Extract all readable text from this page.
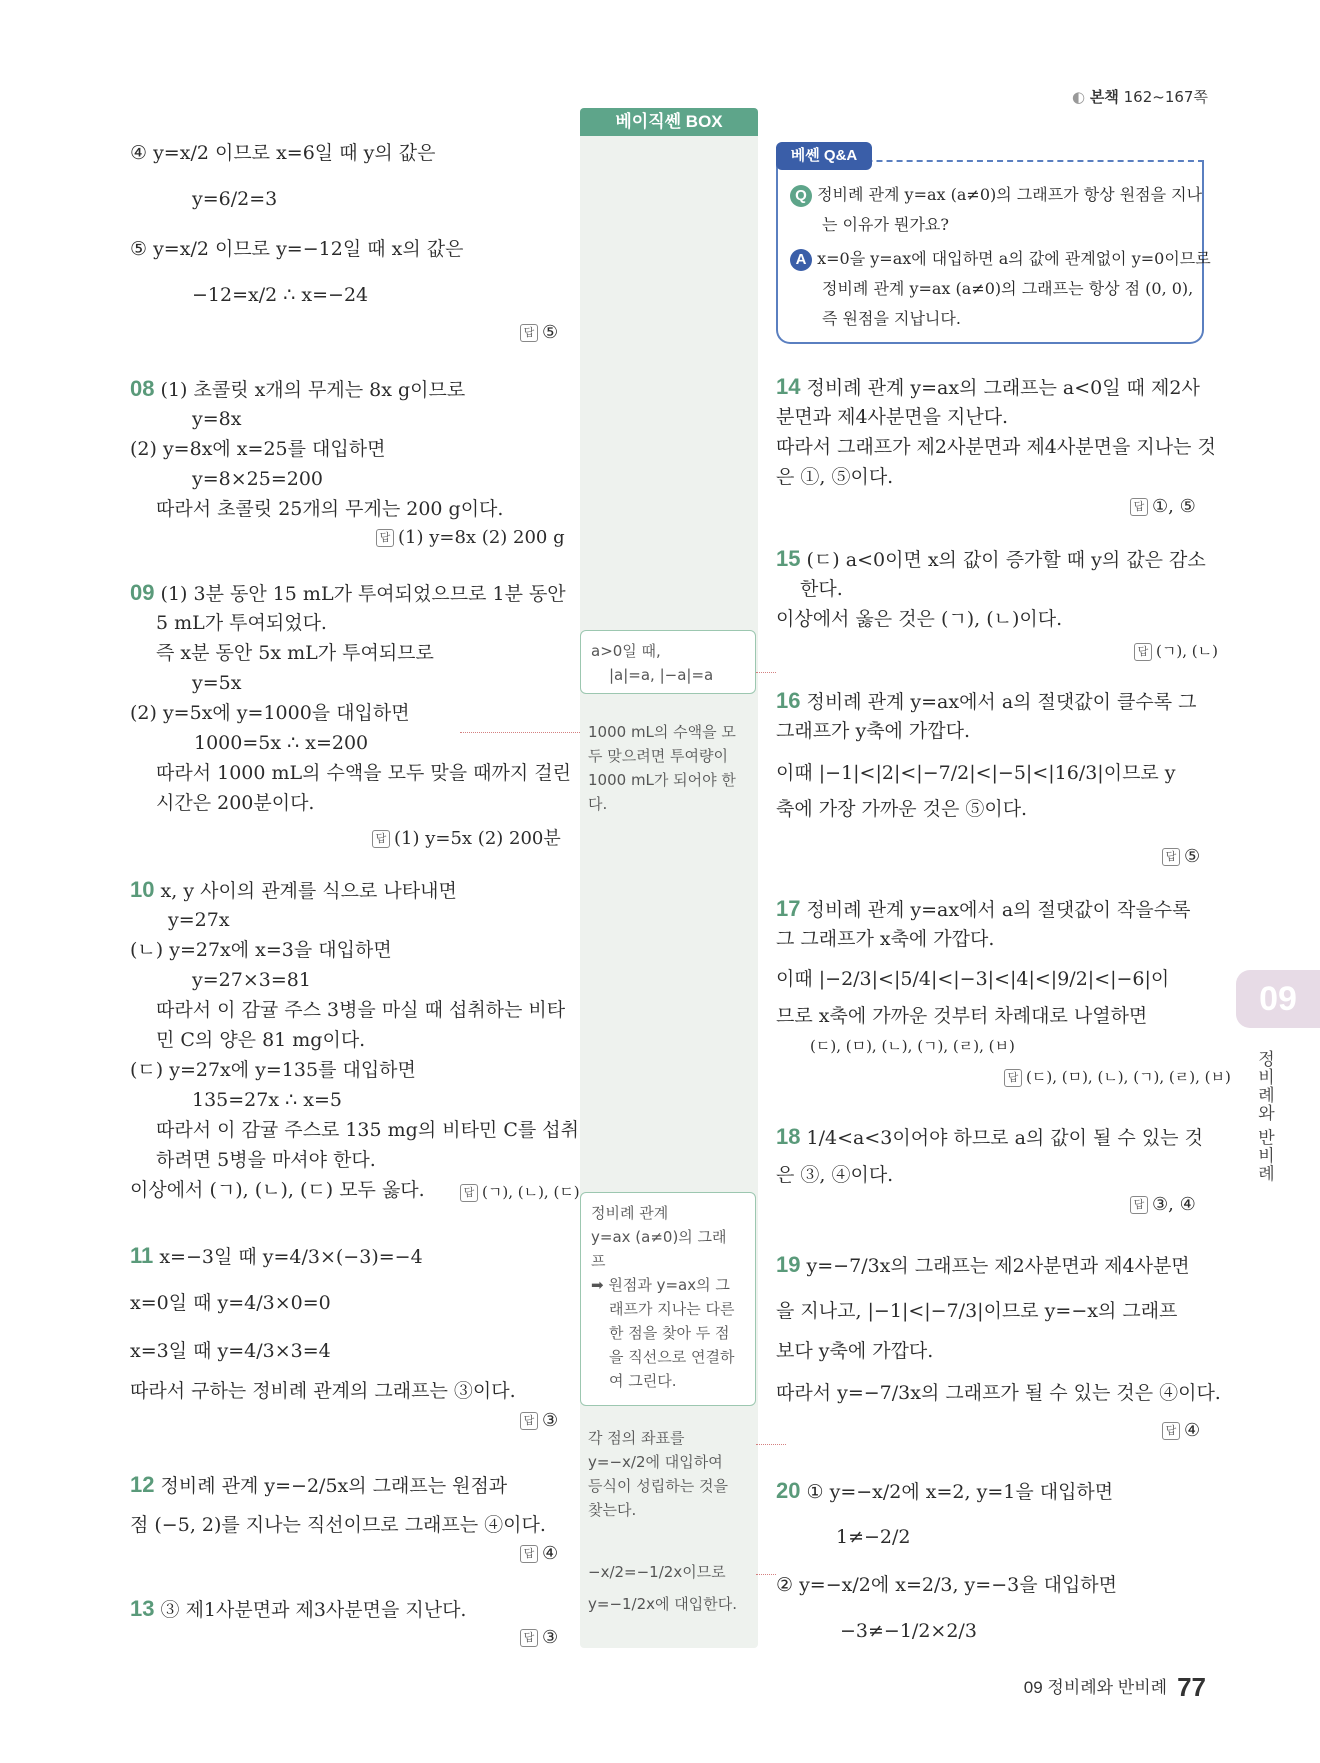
◐ 본책 162~167쪽
베이직쎈 BOX
④ y=x/2 이므로 x=6일 때 y의 값은
y=6/2=3
⑤ y=x/2 이므로 y=−12일 때 x의 값은
−12=x/2 ∴ x=−24
답 ⑤
08 (1) 초콜릿 x개의 무게는 8x g이므로
y=8x
(2) y=8x에 x=25를 대입하면
y=8×25=200
따라서 초콜릿 25개의 무게는 200 g이다.
답 (1) y=8x (2) 200 g
09 (1) 3분 동안 15 mL가 투여되었으므로 1분 동안
5 mL가 투여되었다.
즉 x분 동안 5x mL가 투여되므로
y=5x
(2) y=5x에 y=1000을 대입하면
1000=5x ∴ x=200
따라서 1000 mL의 수액을 모두 맞을 때까지 걸린
시간은 200분이다.
답 (1) y=5x (2) 200분
10 x, y 사이의 관계를 식으로 나타내면
y=27x
(ㄴ) y=27x에 x=3을 대입하면
y=27×3=81
따라서 이 감귤 주스 3병을 마실 때 섭취하는 비타
민 C의 양은 81 mg이다.
(ㄷ) y=27x에 y=135를 대입하면
135=27x ∴ x=5
따라서 이 감귤 주스로 135 mg의 비타민 C를 섭취
하려면 5병을 마셔야 한다.
이상에서 (ㄱ), (ㄴ), (ㄷ) 모두 옳다.	답 (ㄱ), (ㄴ), (ㄷ)
11 x=−3일 때 y=4/3×(−3)=−4
x=0일 때 y=4/3×0=0
x=3일 때 y=4/3×3=4
따라서 구하는 정비례 관계의 그래프는 ③이다.
답 ③
12 정비례 관계 y=−2/5x의 그래프는 원점과
점 (−5, 2)를 지나는 직선이므로 그래프는 ④이다.
답 ④
13 ③ 제1사분면과 제3사분면을 지난다.
답 ③
a>0일 때,
|a|=a, |−a|=a
1000 mL의 수액을 모
두 맞으려면 투여량이
1000 mL가 되어야 한
다.
정비례 관계
y=ax (a≠0)의 그래
프
➡ 원점과 y=ax의 그
래프가 지나는 다른
한 점을 찾아 두 점
을 직선으로 연결하
여 그린다.
각 점의 좌표를
y=−x/2에 대입하여
등식이 성립하는 것을
찾는다.
−x/2=−1/2x이므로
y=−1/2x에 대입한다.
베쎈 Q&A
Q 정비례 관계 y=ax (a≠0)의 그래프가 항상 원점을 지나
는 이유가 뭔가요?
A x=0을 y=ax에 대입하면 a의 값에 관계없이 y=0이므로
정비례 관계 y=ax (a≠0)의 그래프는 항상 점 (0, 0),
즉 원점을 지납니다.
14 정비례 관계 y=ax의 그래프는 a<0일 때 제2사
분면과 제4사분면을 지난다.
따라서 그래프가 제2사분면과 제4사분면을 지나는 것
은 ①, ⑤이다.
답 ①, ⑤
15 (ㄷ) a<0이면 x의 값이 증가할 때 y의 값은 감소
한다.
이상에서 옳은 것은 (ㄱ), (ㄴ)이다.
답 (ㄱ), (ㄴ)
16 정비례 관계 y=ax에서 a의 절댓값이 클수록 그
그래프가 y축에 가깝다.
이때 |−1|<|2|<|−7/2|<|−5|<|16/3|이므로 y
축에 가장 가까운 것은 ⑤이다.
답 ⑤
17 정비례 관계 y=ax에서 a의 절댓값이 작을수록
그 그래프가 x축에 가깝다.
이때 |−2/3|<|5/4|<|−3|<|4|<|9/2|<|−6|이
므로 x축에 가까운 것부터 차례대로 나열하면
(ㄷ), (ㅁ), (ㄴ), (ㄱ), (ㄹ), (ㅂ)
답 (ㄷ), (ㅁ), (ㄴ), (ㄱ), (ㄹ), (ㅂ)
18 1/4<a<3이어야 하므로 a의 값이 될 수 있는 것
은 ③, ④이다.
답 ③, ④
19 y=−7/3x의 그래프는 제2사분면과 제4사분면
을 지나고, |−1|<|−7/3|이므로 y=−x의 그래프
보다 y축에 가깝다.
따라서 y=−7/3x의 그래프가 될 수 있는 것은 ④이다.
답 ④
20 ① y=−x/2에 x=2, y=1을 대입하면
1≠−2/2
② y=−x/2에 x=2/3, y=−3을 대입하면
−3≠−1/2×2/3
09
정비례와 반비례
09 정비례와 반비례 77
